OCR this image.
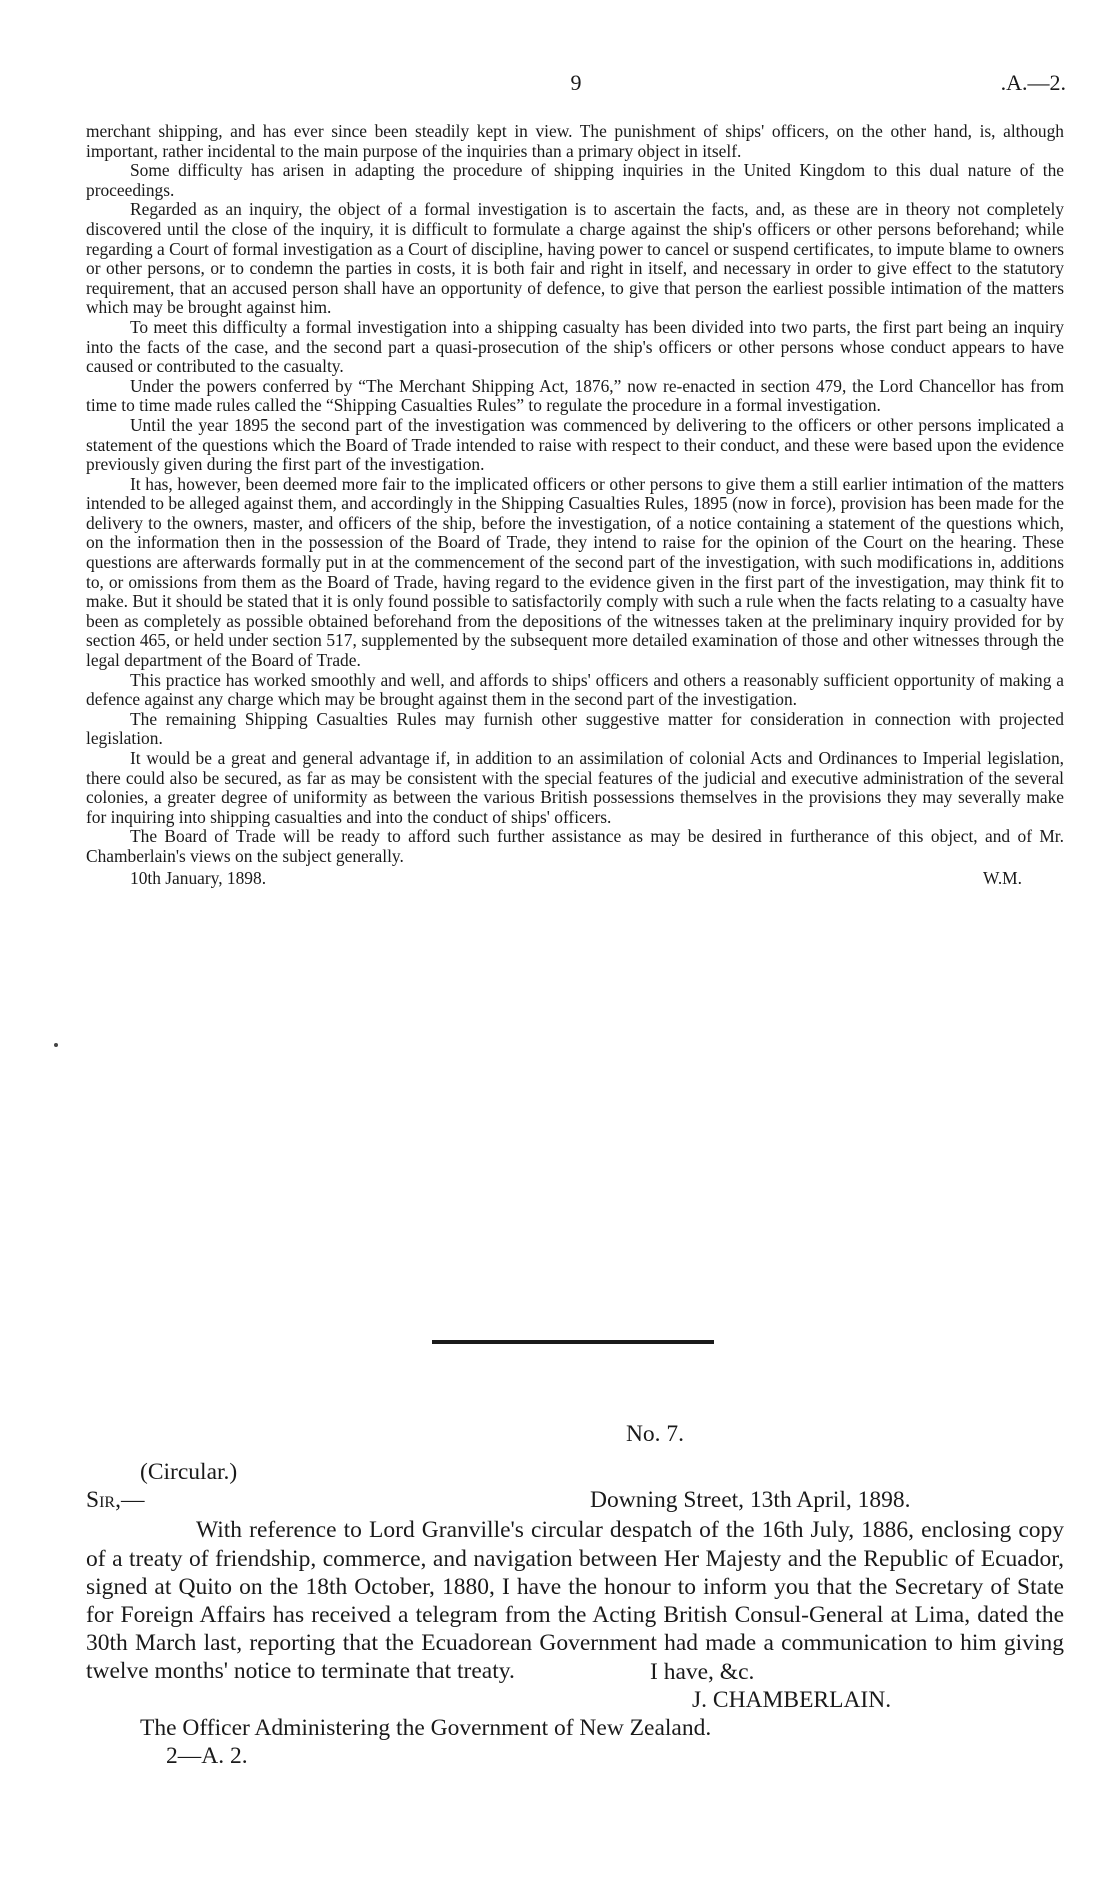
9	.A.—2.

merchant shipping, and has ever since been steadily kept in view. The punishment of ships' officers, on the other hand, is, although important, rather incidental to the main purpose of the inquiries than a primary object in itself.

Some difficulty has arisen in adapting the procedure of shipping inquiries in the United Kingdom to this dual nature of the proceedings.

Regarded as an inquiry, the object of a formal investigation is to ascertain the facts, and, as these are in theory not completely discovered until the close of the inquiry, it is difficult to formulate a charge against the ship's officers or other persons beforehand; while regarding a Court of formal investigation as a Court of discipline, having power to cancel or suspend certificates, to impute blame to owners or other persons, or to condemn the parties in costs, it is both fair and right in itself, and necessary in order to give effect to the statutory requirement, that an accused person shall have an opportunity of defence, to give that person the earliest possible intimation of the matters which may be brought against him.

To meet this difficulty a formal investigation into a shipping casualty has been divided into two parts, the first part being an inquiry into the facts of the case, and the second part a quasi-prosecution of the ship's officers or other persons whose conduct appears to have caused or contributed to the casualty.

Under the powers conferred by “The Merchant Shipping Act, 1876,” now re-enacted in section 479, the Lord Chancellor has from time to time made rules called the “Shipping Casualties Rules” to regulate the procedure in a formal investigation.

Until the year 1895 the second part of the investigation was commenced by delivering to the officers or other persons implicated a statement of the questions which the Board of Trade intended to raise with respect to their conduct, and these were based upon the evidence previously given during the first part of the investigation.

It has, however, been deemed more fair to the implicated officers or other persons to give them a still earlier intimation of the matters intended to be alleged against them, and accordingly in the Shipping Casualties Rules, 1895 (now in force), provision has been made for the delivery to the owners, master, and officers of the ship, before the investigation, of a notice containing a statement of the questions which, on the information then in the possession of the Board of Trade, they intend to raise for the opinion of the Court on the hearing. These questions are afterwards formally put in at the commencement of the second part of the investigation, with such modifications in, additions to, or omissions from them as the Board of Trade, having regard to the evidence given in the first part of the investigation, may think fit to make. But it should be stated that it is only found possible to satisfactorily comply with such a rule when the facts relating to a casualty have been as completely as possible obtained beforehand from the depositions of the witnesses taken at the preliminary inquiry provided for by section 465, or held under section 517, supplemented by the subsequent more detailed examination of those and other witnesses through the legal department of the Board of Trade.

This practice has worked smoothly and well, and affords to ships' officers and others a reasonably sufficient opportunity of making a defence against any charge which may be brought against them in the second part of the investigation.

The remaining Shipping Casualties Rules may furnish other suggestive matter for consideration in connection with projected legislation.

It would be a great and general advantage if, in addition to an assimilation of colonial Acts and Ordinances to Imperial legislation, there could also be secured, as far as may be consistent with the special features of the judicial and executive administration of the several colonies, a greater degree of uniformity as between the various British possessions themselves in the provisions they may severally make for inquiring into shipping casualties and into the conduct of ships' officers.

The Board of Trade will be ready to afford such further assistance as may be desired in furtherance of this object, and of Mr. Chamberlain's views on the subject generally.

10th January, 1898.	W.M.
No. 7.
(Circular.)
Sir,—	Downing Street, 13th April, 1898.

With reference to Lord Granville's circular despatch of the 16th July, 1886, enclosing copy of a treaty of friendship, commerce, and navigation between Her Majesty and the Republic of Ecuador, signed at Quito on the 18th October, 1880, I have the honour to inform you that the Secretary of State for Foreign Affairs has received a telegram from the Acting British Consul-General at Lima, dated the 30th March last, reporting that the Ecuadorean Government had made a communication to him giving twelve months' notice to terminate that treaty.	I have, &c.
J. CHAMBERLAIN.
The Officer Administering the Government of New Zealand.
2—A. 2.
